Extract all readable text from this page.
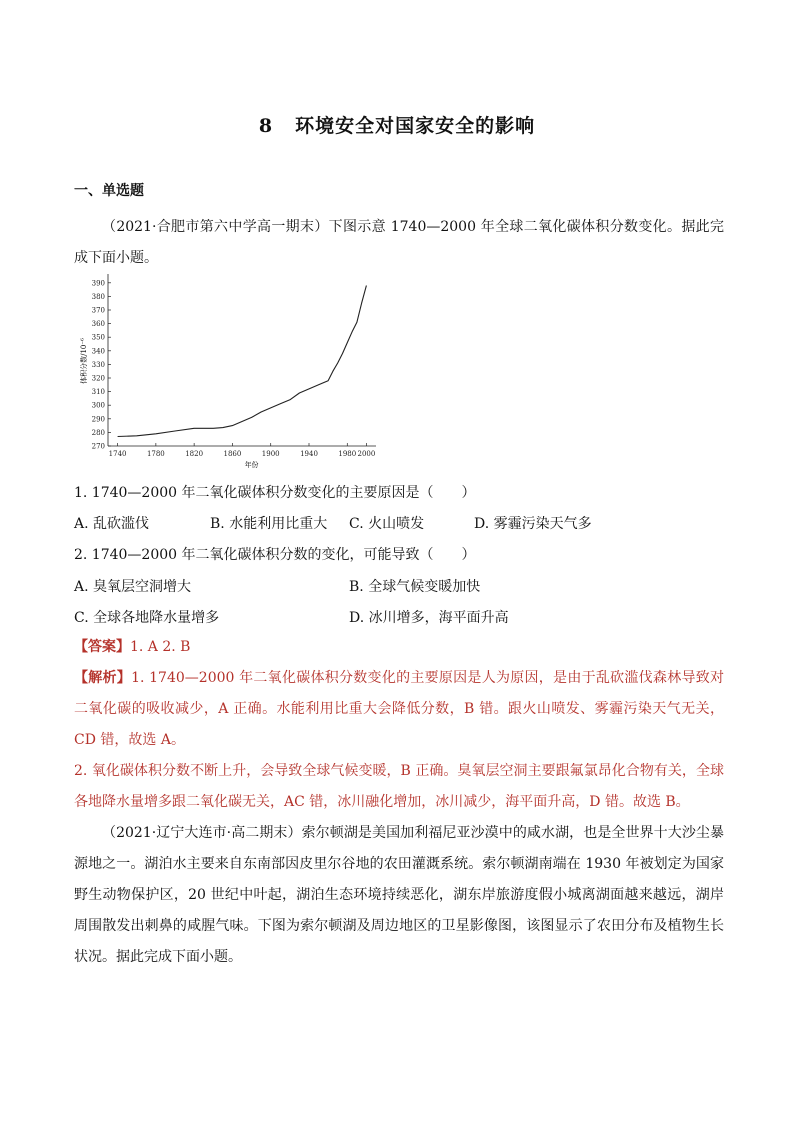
8 环境安全对国家安全的影响
一、单选题
（2021·合肥市第六中学高一期末）下图示意 1740—2000 年全球二氧化碳体积分数变化。据此完成下面小题。
270
280
290
300
310
320
330
340
350
360
370
380
390
1740	1780	1820	1860	1900	1940	1980 2000
体积分数/10⁻⁶
年份
1. 1740—2000 年二氧化碳体积分数变化的主要原因是（　　）
A. 乱砍滥伐	B. 水能利用比重大 C. 火山喷发	D. 雾霾污染天气多
2. 1740—2000 年二氧化碳体积分数的变化，可能导致（　　）
A. 臭氧层空洞增大	B. 全球气候变暖加快
C. 全球各地降水量增多	D. 冰川增多，海平面升高
【答案】1. A 2. B
【解析】1. 1740—2000 年二氧化碳体积分数变化的主要原因是人为原因，是由于乱砍滥伐森林导致对二氧化碳的吸收减少，A 正确。水能利用比重大会降低分数，B 错。跟火山喷发、雾霾污染天气无关，CD 错，故选 A。
2. 氧化碳体积分数不断上升，会导致全球气候变暖，B 正确。臭氧层空洞主要跟氟氯昂化合物有关，全球各地降水量增多跟二氧化碳无关，AC 错，冰川融化增加，冰川减少，海平面升高，D 错。故选 B。
（2021·辽宁大连市·高二期末）索尔顿湖是美国加利福尼亚沙漠中的咸水湖，也是全世界十大沙尘暴源地之一。湖泊水主要来自东南部因皮里尔谷地的农田灌溉系统。索尔顿湖南端在 1930 年被划定为国家野生动物保护区，20 世纪中叶起，湖泊生态环境持续恶化，湖东岸旅游度假小城离湖面越来越远，湖岸周围散发出刺鼻的咸腥气味。下图为索尔顿湖及周边地区的卫星影像图，该图显示了农田分布及植物生长状况。据此完成下面小题。
